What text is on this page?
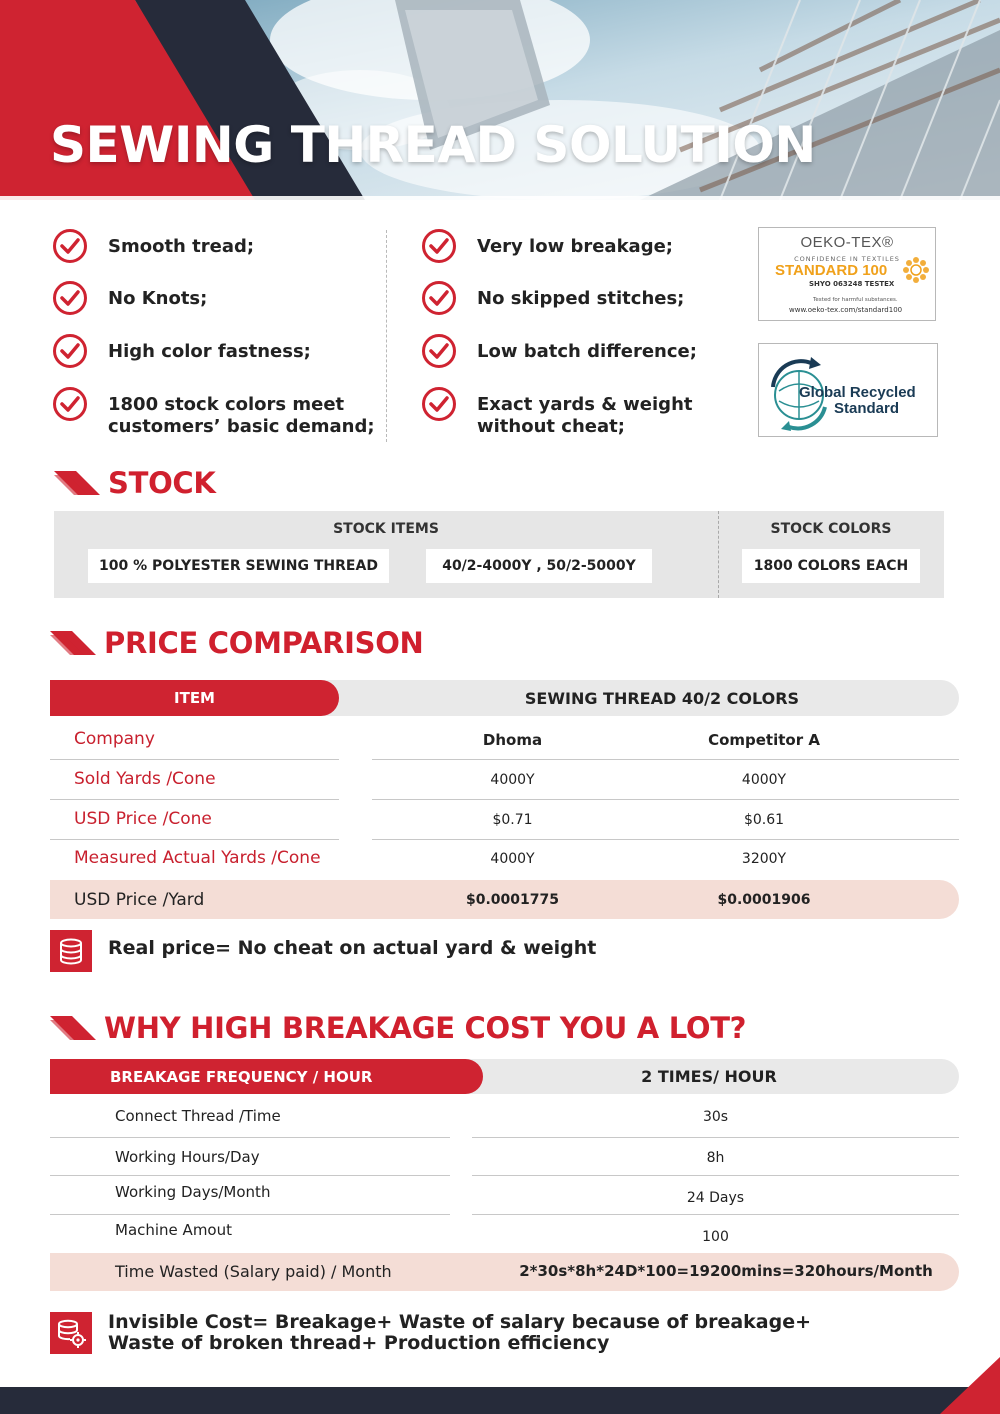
SEWING THREAD SOLUTION
Smooth tread;
No Knots;
High color fastness;
1800 stock colors meet customers’ basic demand;
Very low breakage;
No skipped stitches;
Low batch difference;
Exact yards & weight without cheat;
OEKO-TEX®
CONFIDENCE IN TEXTILES
STANDARD 100
SHYO 063248 TESTEX
Tested for harmful substances.
www.oeko-tex.com/standard100
Global Recycled
Standard
STOCK
STOCK ITEMS	STOCK COLORS
100 % POLYESTER SEWING THREAD	40/2-4000Y , 50/2-5000Y	1800 COLORS EACH
PRICE COMPARISON
ITEM	SEWING THREAD 40/2 COLORS
Company	Dhoma	Competitor A
Sold Yards /Cone	4000Y	4000Y
USD Price /Cone	$0.71	$0.61
Measured Actual Yards /Cone	4000Y	3200Y
USD Price /Yard	$0.0001775	$0.0001906
Real price= No cheat on actual yard & weight
WHY HIGH BREAKAGE COST YOU A LOT?
BREAKAGE FREQUENCY / HOUR	2 TIMES/ HOUR
Connect Thread /Time	30s
Working Hours/Day	8h
Working Days/Month	24 Days
Machine Amout	100
Time Wasted (Salary paid) / Month	2*30s*8h*24D*100=19200mins=320hours/Month
Invisible Cost= Breakage+ Waste of salary because of breakage+
Waste of broken thread+ Production efficiency
